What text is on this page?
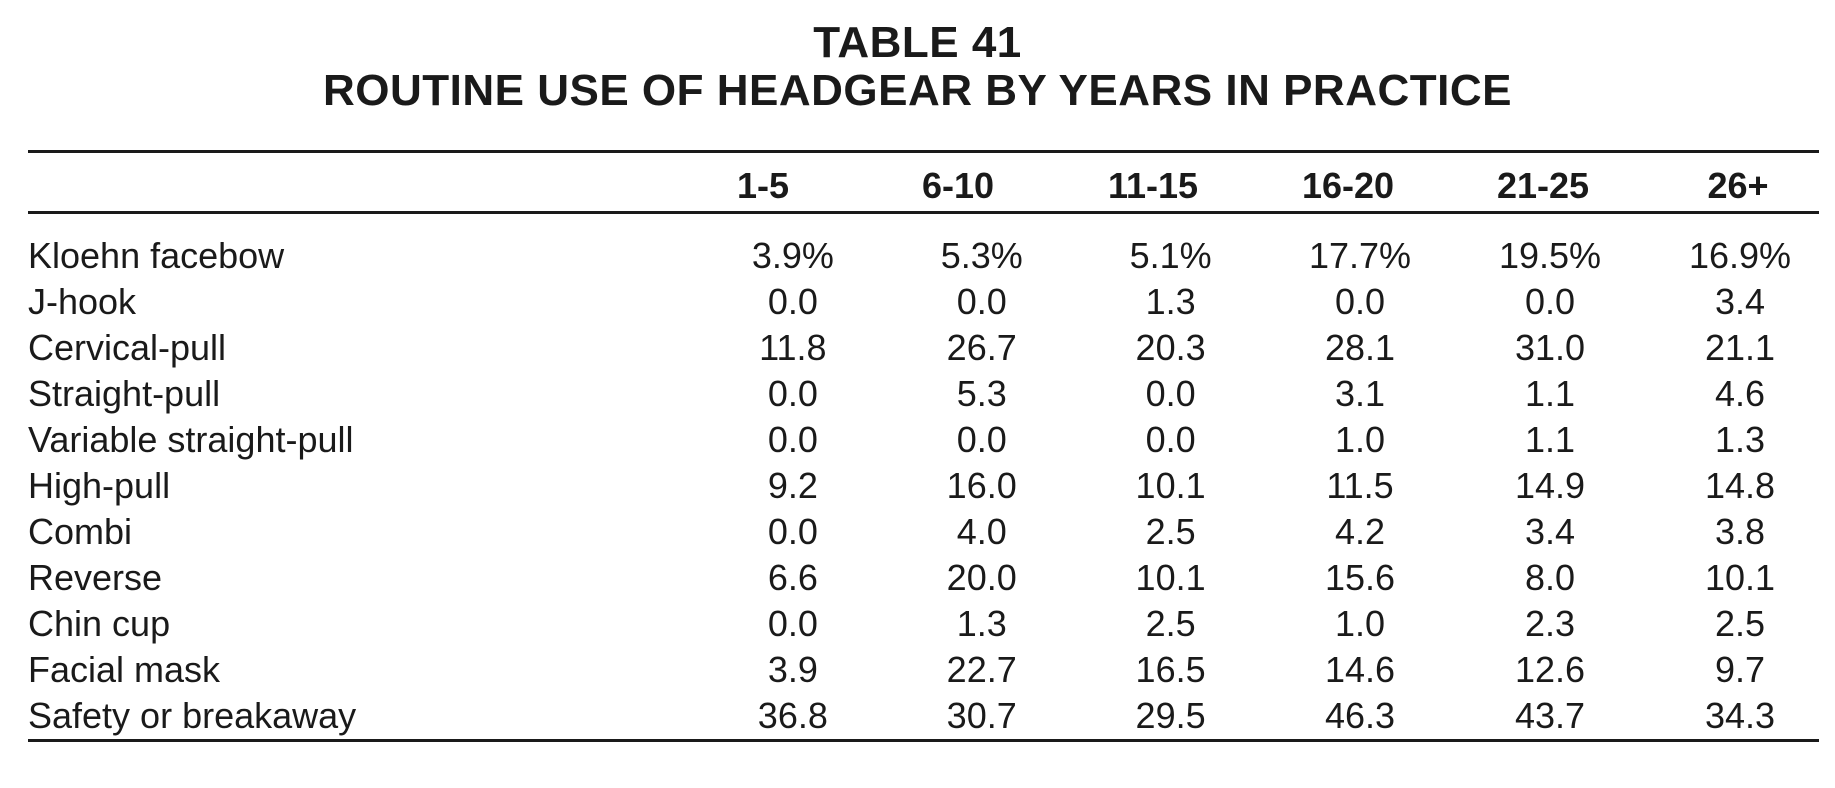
TABLE 41
ROUTINE USE OF HEADGEAR BY YEARS IN PRACTICE
1-5	6-10	11-15	16-20	21-25	26+
Kloehn facebow	3.9%	5.3%	5.1%	17.7%	19.5%	16.9%
J-hook	0.0	0.0	1.3	0.0	0.0	3.4
Cervical-pull	11.8	26.7	20.3	28.1	31.0	21.1
Straight-pull	0.0	5.3	0.0	3.1	1.1	4.6
Variable straight-pull	0.0	0.0	0.0	1.0	1.1	1.3
High-pull	9.2	16.0	10.1	11.5	14.9	14.8
Combi	0.0	4.0	2.5	4.2	3.4	3.8
Reverse	6.6	20.0	10.1	15.6	8.0	10.1
Chin cup	0.0	1.3	2.5	1.0	2.3	2.5
Facial mask	3.9	22.7	16.5	14.6	12.6	9.7
Safety or breakaway	36.8	30.7	29.5	46.3	43.7	34.3
